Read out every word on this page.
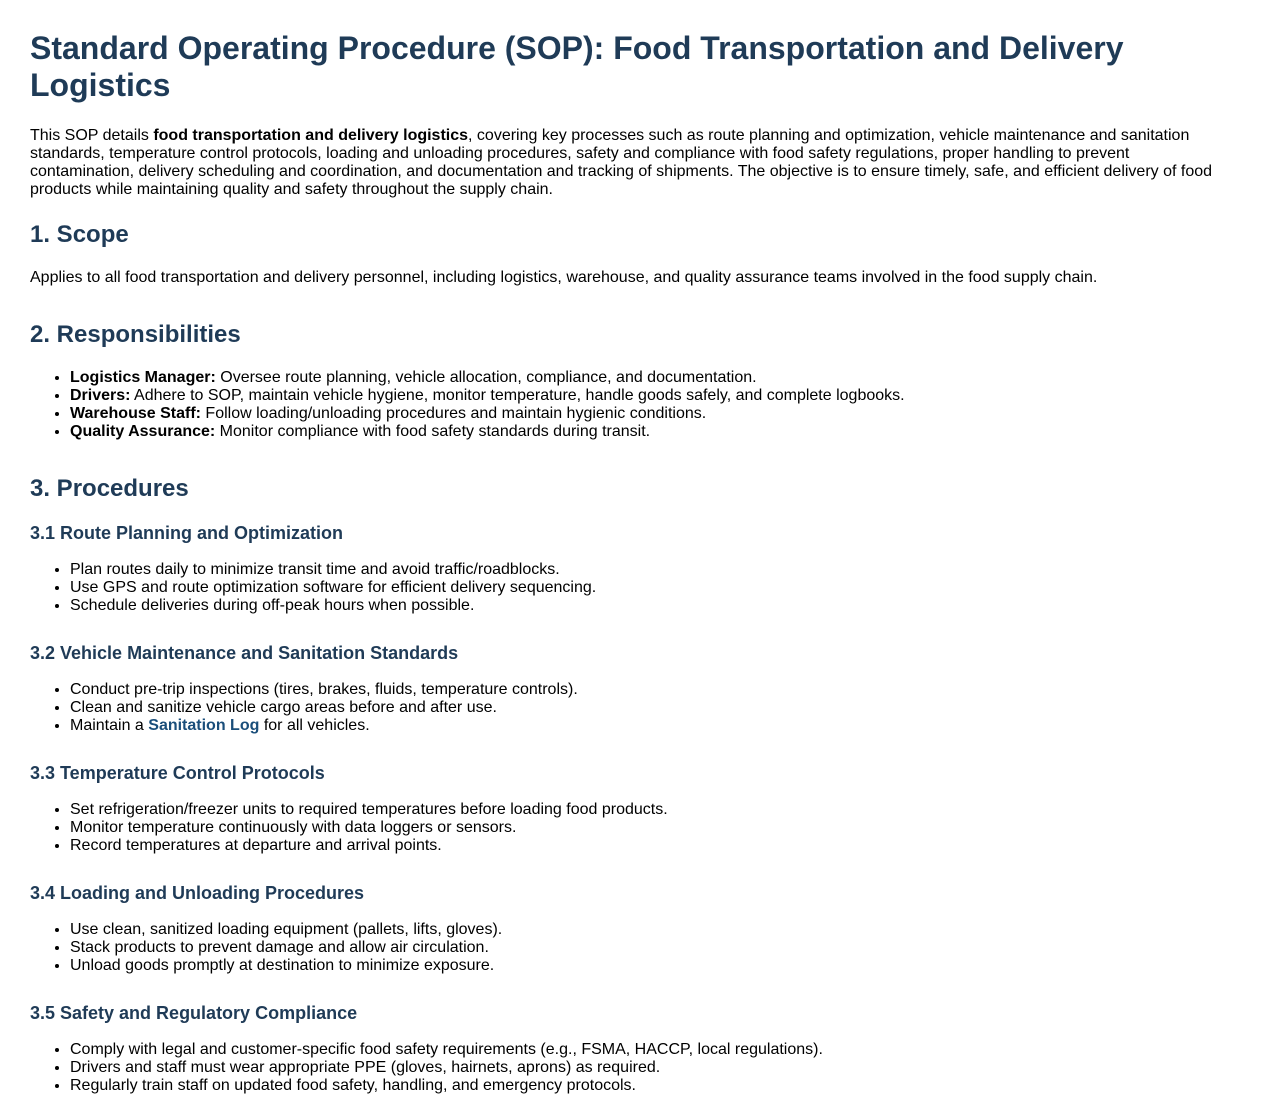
Standard Operating Procedure (SOP): Food Transportation and Delivery Logistics

This SOP details food transportation and delivery logistics, covering key processes such as route planning and optimization, vehicle maintenance and sanitation standards, temperature control protocols, loading and unloading procedures, safety and compliance with food safety regulations, proper handling to prevent contamination, delivery scheduling and coordination, and documentation and tracking of shipments. The objective is to ensure timely, safe, and efficient delivery of food products while maintaining quality and safety throughout the supply chain.

1. Scope

Applies to all food transportation and delivery personnel, including logistics, warehouse, and quality assurance teams involved in the food supply chain.

2. Responsibilities
• Logistics Manager: Oversee route planning, vehicle allocation, compliance, and documentation.
• Drivers: Adhere to SOP, maintain vehicle hygiene, monitor temperature, handle goods safely, and complete logbooks.
• Warehouse Staff: Follow loading/unloading procedures and maintain hygienic conditions.
• Quality Assurance: Monitor compliance with food safety standards during transit.
3. Procedures
3.1 Route Planning and Optimization
• Plan routes daily to minimize transit time and avoid traffic/roadblocks.
• Use GPS and route optimization software for efficient delivery sequencing.
• Schedule deliveries during off-peak hours when possible.
3.2 Vehicle Maintenance and Sanitation Standards
• Conduct pre-trip inspections (tires, brakes, fluids, temperature controls).
• Clean and sanitize vehicle cargo areas before and after use.
• Maintain a Sanitation Log for all vehicles.
3.3 Temperature Control Protocols
• Set refrigeration/freezer units to required temperatures before loading food products.
• Monitor temperature continuously with data loggers or sensors.
• Record temperatures at departure and arrival points.
3.4 Loading and Unloading Procedures
• Use clean, sanitized loading equipment (pallets, lifts, gloves).
• Stack products to prevent damage and allow air circulation.
• Unload goods promptly at destination to minimize exposure.
3.5 Safety and Regulatory Compliance
• Comply with legal and customer-specific food safety requirements (e.g., FSMA, HACCP, local regulations).
• Drivers and staff must wear appropriate PPE (gloves, hairnets, aprons) as required.
• Regularly train staff on updated food safety, handling, and emergency protocols.
